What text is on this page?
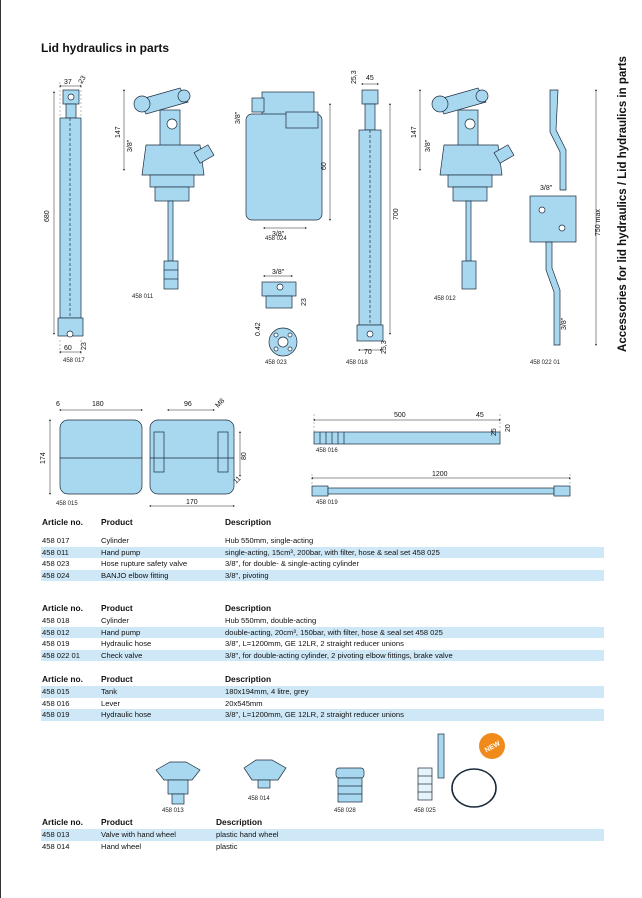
Lid hydraulics in parts
Accessories for lid hydraulics / Lid hydraulics in parts
NEW
37 23
680
60 23
147
3/8"
3/8"
60
3/8"
3/8"
23
0.42
25,3 45
700
70 25,3
147
3/8"
3/8"
750 max
3/8"
6	180
174
96	M8
80
11
170
500	45
25
20
1200
458 017
458 011
458 024
458 023	458 018
458 012
458 022 01
458 015
458 016
458 019
458 013
458 014
458 028	458 025
Article no.	Product	Description

458 017	Cylinder	Hub 550mm, single-acting
458 011	Hand pump	single-acting, 15cm³, 200bar, with filter, hose & seal set 458 025
458 023	Hose rupture safety valve	3/8", for double- & single-acting cylinder
458 024	BANJO elbow fitting	3/8", pivoting
Article no.	Product	Description
458 018	Cylinder	Hub 550mm, double-acting
458 012	Hand pump	double-acting, 20cm³, 150bar, with filter, hose & seal set 458 025
458 019	Hydraulic hose	3/8", L=1200mm, GE 12LR, 2 straight reducer unions
458 022 01	Check valve	3/8", for double-acting cylinder, 2 pivoting elbow fittings, brake valve
Article no.	Product	Description
458 015	Tank	180x194mm, 4 litre, grey
458 016	Lever	20x545mm
458 019	Hydraulic hose	3/8", L=1200mm, GE 12LR, 2 straight reducer unions
Article no.	Product	Description
458 013	Valve with hand wheel	plastic hand wheel
458 014	Hand wheel	plastic
